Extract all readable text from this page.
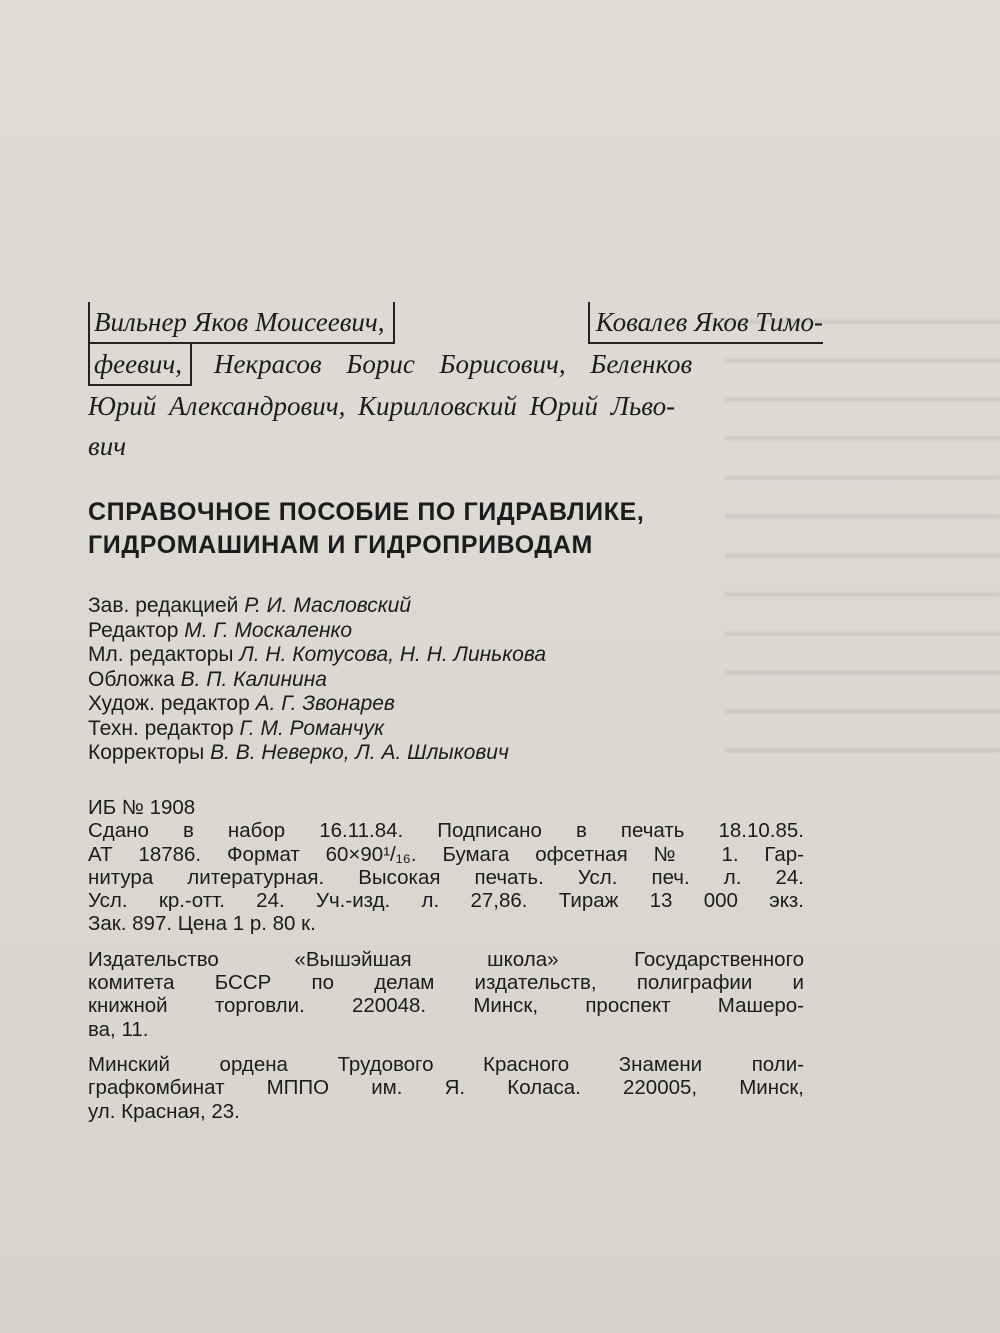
Вильнер Яков Моисеевич,	Ковалев Яков Тимо-
феевич,	Некрасов Борис Борисович, Беленков
Юрий Александрович, Кирилловский Юрий Льво-
вич
СПРАВОЧНОЕ ПОСОБИЕ ПО ГИДРАВЛИКЕ,
ГИДРОМАШИНАМ И ГИДРОПРИВОДАМ
Зав. редакцией Р. И. Масловский
Редактор М. Г. Москаленко
Мл. редакторы Л. Н. Котусова, Н. Н. Линькова
Обложка В. П. Калинина
Худож. редактор А. Г. Звонарев
Техн. редактор Г. М. Романчук
Корректоры В. В. Неверко, Л. А. Шлыкович

ИБ № 1908

Сдано в набор 16.11.84. Подписано в печать 18.10.85.

АТ 18786. Формат 60×90¹/₁₆. Бумага офсетная № 1. Гар-

нитура литературная. Высокая печать. Усл. печ. л. 24.

Усл. кр.-отт. 24. Уч.-изд. л. 27,86. Тираж 13 000 экз.

Зак. 897. Цена 1 р. 80 к.

Издательство «Вышэйшая школа» Государственного

комитета БССР по делам издательств, полиграфии и

книжной торговли. 220048. Минск, проспект Машеро-

ва, 11.

Минский ордена Трудового Красного Знамени поли-

графкомбинат МППО им. Я. Коласа. 220005, Минск,

ул. Красная, 23.
